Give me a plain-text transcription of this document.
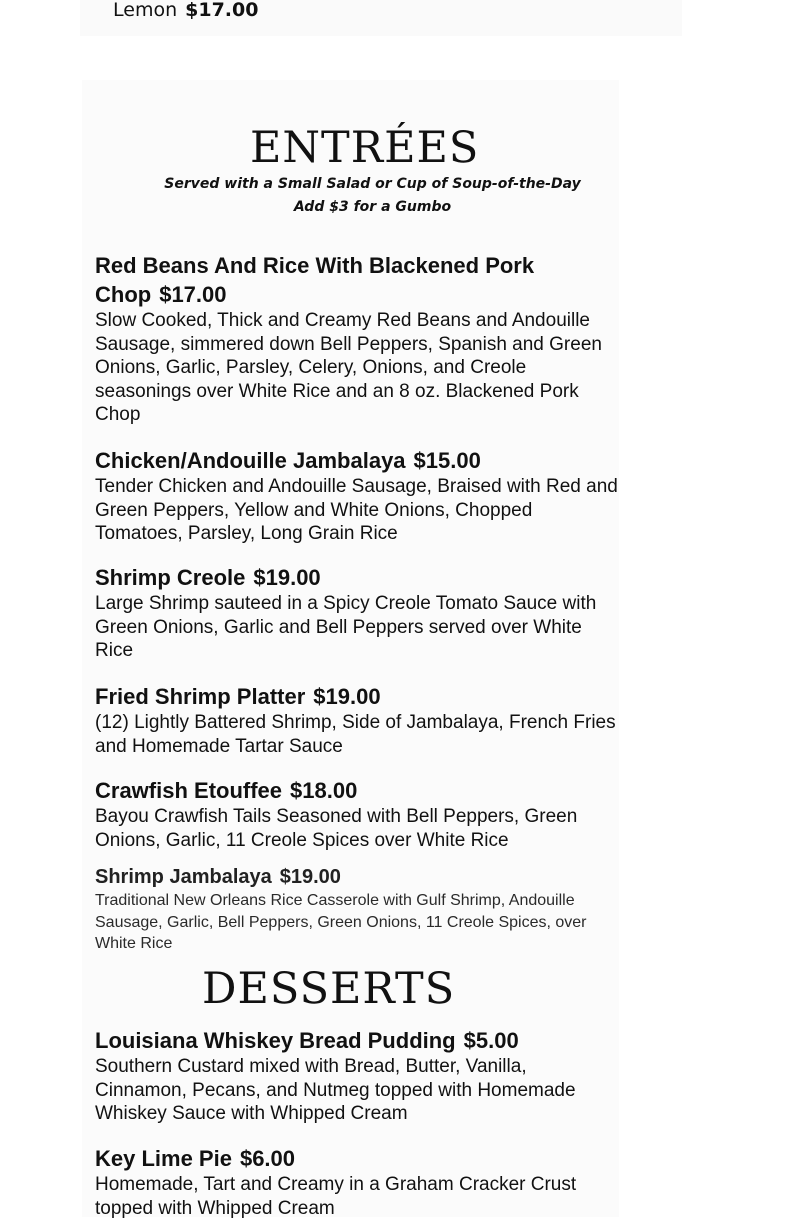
Lemon $17.00
ENTRÉES
Served with a Small Salad or Cup of Soup-of-the-Day
Add $3 for a Gumbo

Red Beans And Rice With Blackened Pork Chop $17.00

Slow Cooked, Thick and Creamy Red Beans and Andouille Sausage, simmered down Bell Peppers, Spanish and Green Onions, Garlic, Parsley, Celery, Onions, and Creole seasonings over White Rice and an 8 oz. Blackened Pork Chop

Chicken/Andouille Jambalaya $15.00

Tender Chicken and Andouille Sausage, Braised with Red and Green Peppers, Yellow and White Onions, Chopped Tomatoes, Parsley, Long Grain Rice

Shrimp Creole $19.00

Large Shrimp sauteed in a Spicy Creole Tomato Sauce with Green Onions, Garlic and Bell Peppers served over White Rice

Fried Shrimp Platter $19.00

(12) Lightly Battered Shrimp, Side of Jambalaya, French Fries and Homemade Tartar Sauce

Crawfish Etouffee $18.00

Bayou Crawfish Tails Seasoned with Bell Peppers, Green Onions, Garlic, 11 Creole Spices over White Rice

Shrimp Jambalaya $19.00

Traditional New Orleans Rice Casserole with Gulf Shrimp, Andouille Sausage, Garlic, Bell Peppers, Green Onions, 11 Creole Spices, over White Rice

DESSERTS

Louisiana Whiskey Bread Pudding $5.00

Southern Custard mixed with Bread, Butter, Vanilla, Cinnamon, Pecans, and Nutmeg topped with Homemade Whiskey Sauce with Whipped Cream

Key Lime Pie $6.00

Homemade, Tart and Creamy in a Graham Cracker Crust topped with Whipped Cream
